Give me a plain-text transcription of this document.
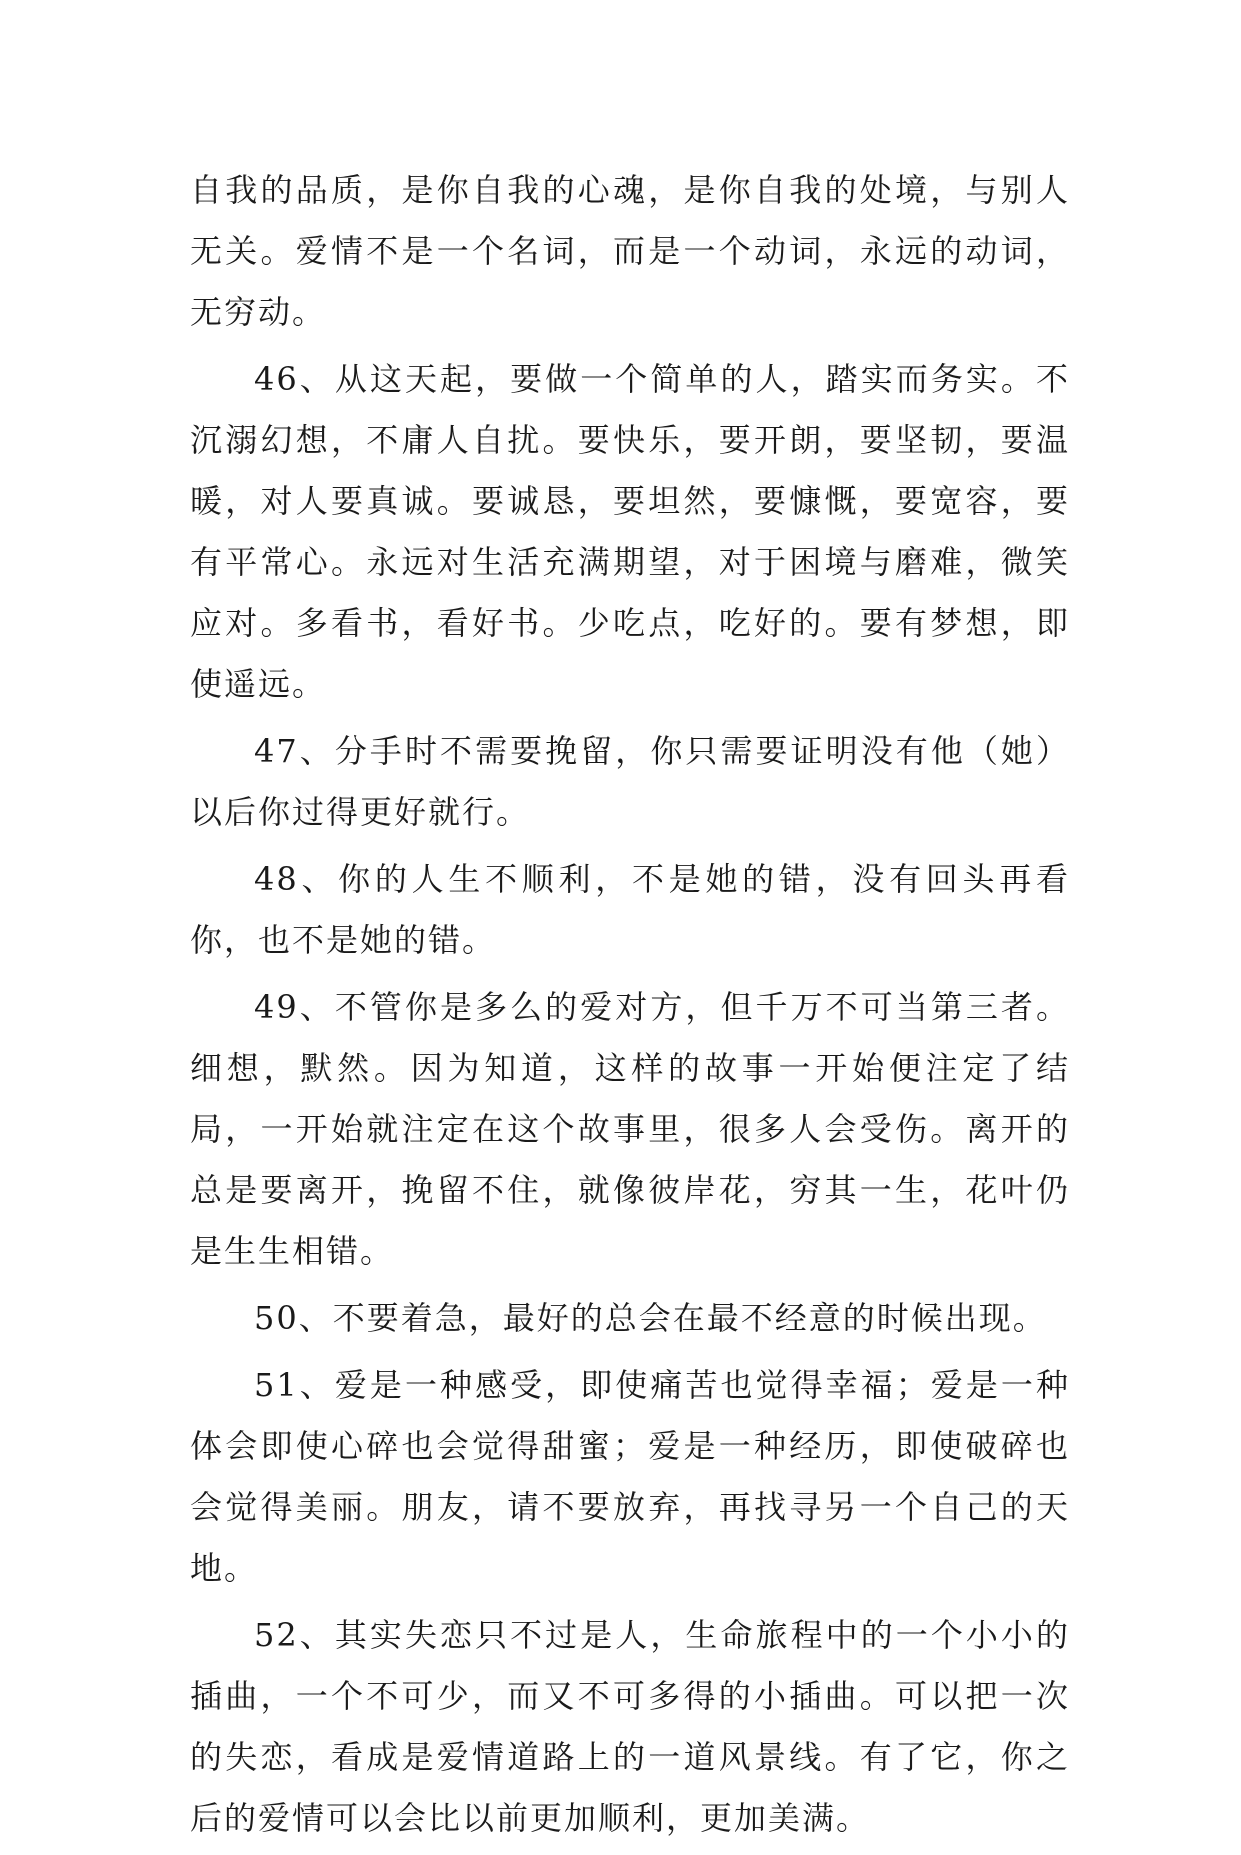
自我的品质，是你自我的心魂，是你自我的处境，与别人无关。爱情不是一个名词，而是一个动词，永远的动词，无穷动。

46、从这天起，要做一个简单的人，踏实而务实。不沉溺幻想，不庸人自扰。要快乐，要开朗，要坚韧，要温暖，对人要真诚。要诚恳，要坦然，要慷慨，要宽容，要有平常心。永远对生活充满期望，对于困境与磨难，微笑应对。多看书，看好书。少吃点，吃好的。要有梦想，即使遥远。

47、分手时不需要挽留，你只需要证明没有他（她）以后你过得更好就行。

48、你的人生不顺利，不是她的错，没有回头再看你，也不是她的错。

49、不管你是多么的爱对方，但千万不可当第三者。细想，默然。因为知道，这样的故事一开始便注定了结局，一开始就注定在这个故事里，很多人会受伤。离开的总是要离开，挽留不住，就像彼岸花，穷其一生，花叶仍是生生相错。

50、不要着急，最好的总会在最不经意的时候出现。

51、爱是一种感受，即使痛苦也觉得幸福；爱是一种体会即使心碎也会觉得甜蜜；爱是一种经历，即使破碎也会觉得美丽。朋友，请不要放弃，再找寻另一个自己的天地。

52、其实失恋只不过是人，生命旅程中的一个小小的插曲，一个不可少，而又不可多得的小插曲。可以把一次的失恋，看成是爱情道路上的一道风景线。有了它，你之后的爱情可以会比以前更加顺利，更加美满。
